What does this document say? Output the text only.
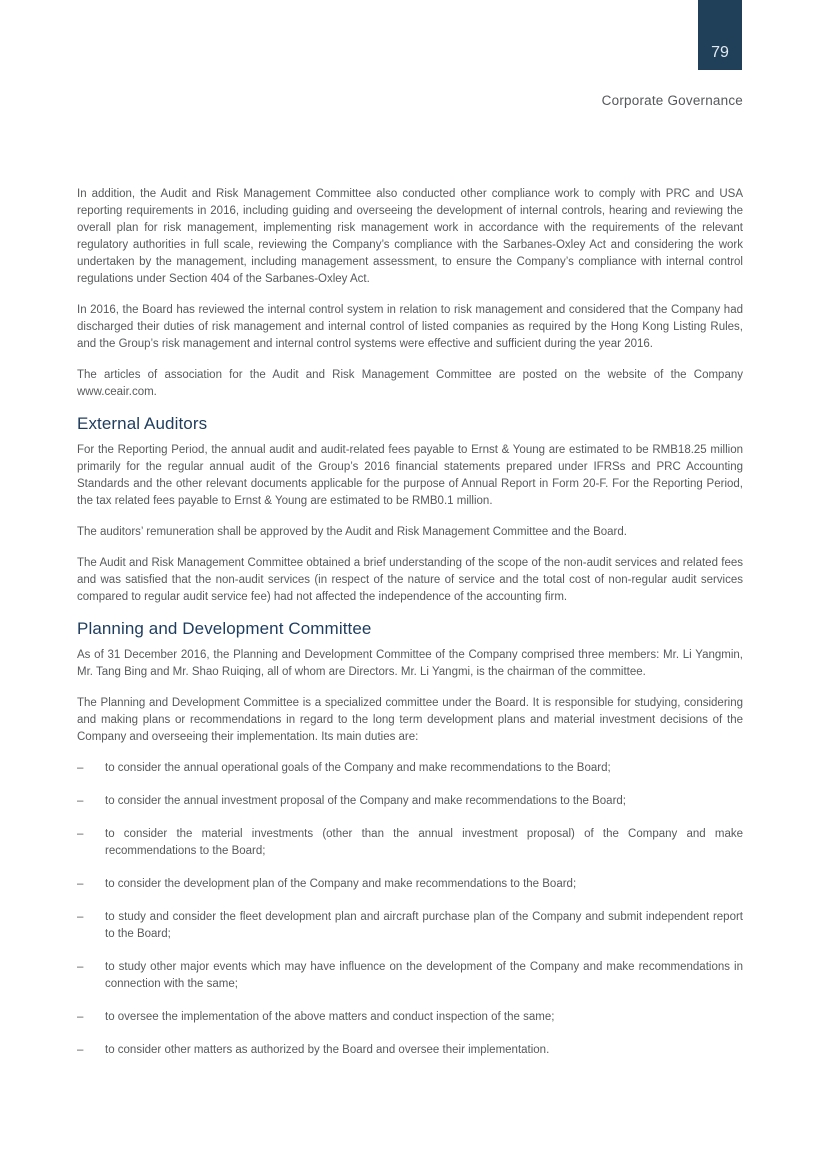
79
Corporate Governance

In addition, the Audit and Risk Management Committee also conducted other compliance work to comply with PRC and USA reporting requirements in 2016, including guiding and overseeing the development of internal controls, hearing and reviewing the overall plan for risk management, implementing risk management work in accordance with the requirements of the relevant regulatory authorities in full scale, reviewing the Company’s compliance with the Sarbanes-Oxley Act and considering the work undertaken by the management, including management assessment, to ensure the Company’s compliance with internal control regulations under Section 404 of the Sarbanes-Oxley Act.

In 2016, the Board has reviewed the internal control system in relation to risk management and considered that the Company had discharged their duties of risk management and internal control of listed companies as required by the Hong Kong Listing Rules, and the Group’s risk management and internal control systems were effective and sufficient during the year 2016.

The articles of association for the Audit and Risk Management Committee are posted on the website of the Company www.ceair.com.

External Auditors

For the Reporting Period, the annual audit and audit-related fees payable to Ernst & Young are estimated to be RMB18.25 million primarily for the regular annual audit of the Group’s 2016 financial statements prepared under IFRSs and PRC Accounting Standards and the other relevant documents applicable for the purpose of Annual Report in Form 20-F. For the Reporting Period, the tax related fees payable to Ernst & Young are estimated to be RMB0.1 million.

The auditors’ remuneration shall be approved by the Audit and Risk Management Committee and the Board.

The Audit and Risk Management Committee obtained a brief understanding of the scope of the non-audit services and related fees and was satisfied that the non-audit services (in respect of the nature of service and the total cost of non-regular audit services compared to regular audit service fee) had not affected the independence of the accounting firm.

Planning and Development Committee

As of 31 December 2016, the Planning and Development Committee of the Company comprised three members: Mr. Li Yangmin, Mr. Tang Bing and Mr. Shao Ruiqing, all of whom are Directors. Mr. Li Yangmi, is the chairman of the committee.

The Planning and Development Committee is a specialized committee under the Board. It is responsible for studying, considering and making plans or recommendations in regard to the long term development plans and material investment decisions of the Company and overseeing their implementation. Its main duties are:

–	to consider the annual operational goals of the Company and make recommendations to the Board;
–	to consider the annual investment proposal of the Company and make recommendations to the Board;
–	to consider the material investments (other than the annual investment proposal) of the Company and make recommendations to the Board;
–	to consider the development plan of the Company and make recommendations to the Board;
–	to study and consider the fleet development plan and aircraft purchase plan of the Company and submit independent report to the Board;
–	to study other major events which may have influence on the development of the Company and make recommendations in connection with the same;
–	to oversee the implementation of the above matters and conduct inspection of the same;
–	to consider other matters as authorized by the Board and oversee their implementation.
